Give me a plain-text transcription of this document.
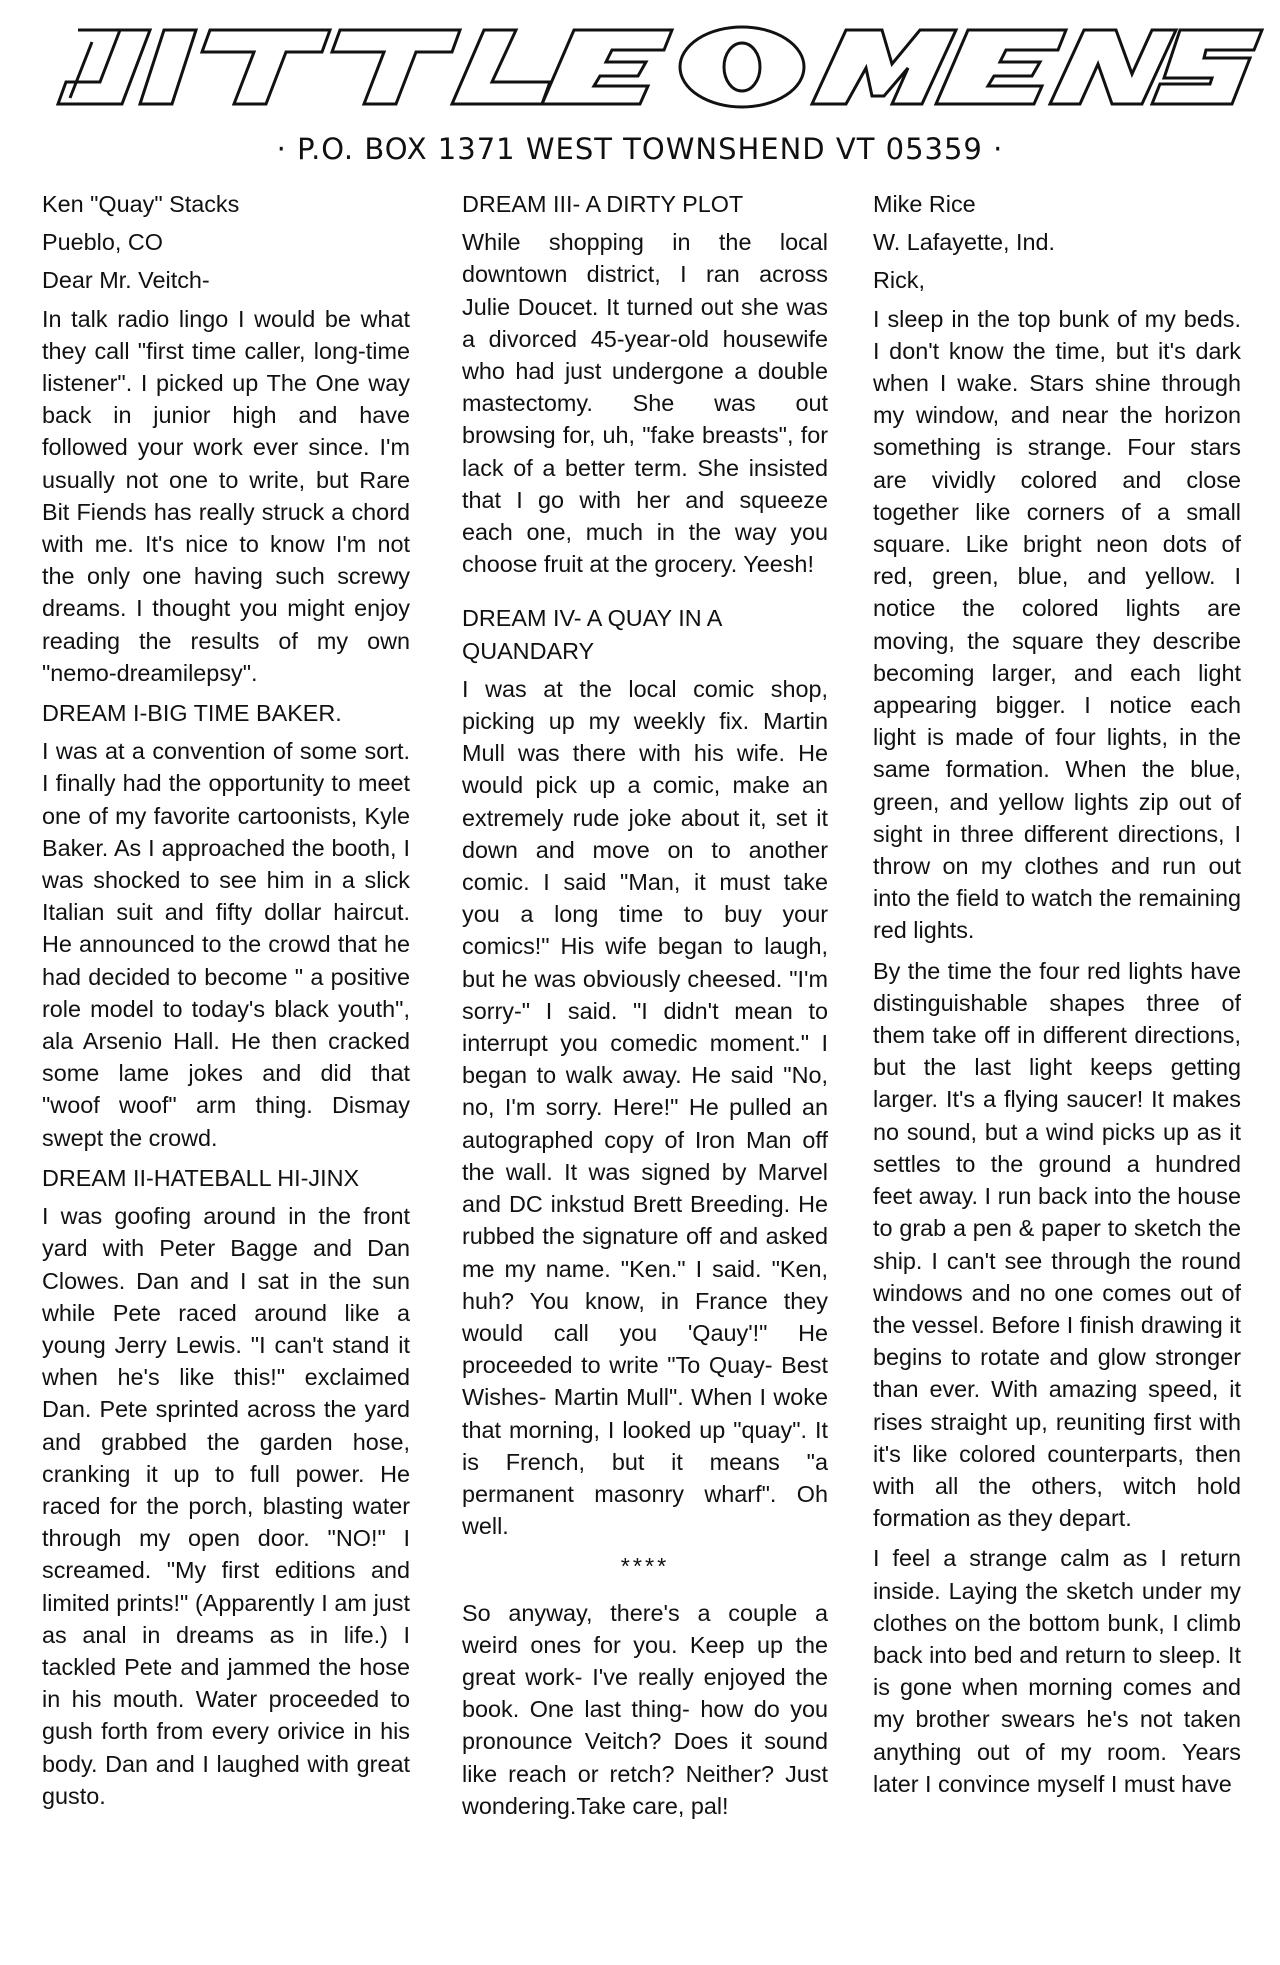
· P.O. BOX 1371 WEST TOWNSHEND VT 05359 ·

Ken "Quay" Stacks

Pueblo, CO

Dear Mr. Veitch-

In talk radio lingo I would be what they call "first time caller, long-time listener". I picked up The One way back in junior high and have followed your work ever since. I'm usually not one to write, but Rare Bit Fiends has really struck a chord with me. It's nice to know I'm not the only one having such screwy dreams. I thought you might enjoy reading the results of my own "nemo-dreamilepsy".

DREAM I-BIG TIME BAKER.

I was at a convention of some sort. I finally had the opportunity to meet one of my favorite cartoonists, Kyle Baker. As I approached the booth, I was shocked to see him in a slick Italian suit and fifty dollar haircut. He announced to the crowd that he had decided to become " a positive role model to today's black youth", ala Arsenio Hall. He then cracked some lame jokes and did that "woof woof" arm thing. Dismay swept the crowd.

DREAM II-HATEBALL HI-JINX

I was goofing around in the front yard with Peter Bagge and Dan Clowes. Dan and I sat in the sun while Pete raced around like a young Jerry Lewis. "I can't stand it when he's like this!" exclaimed Dan. Pete sprinted across the yard and grabbed the garden hose, cranking it up to full power. He raced for the porch, blasting water through my open door. "NO!" I screamed. "My first editions and limited prints!" (Apparently I am just as anal in dreams as in life.) I tackled Pete and jammed the hose in his mouth. Water proceeded to gush forth from every orivice in his body. Dan and I laughed with great gusto.

DREAM III- A DIRTY PLOT

While shopping in the local downtown district, I ran across Julie Doucet. It turned out she was a divorced 45-year-old housewife who had just undergone a double mastectomy. She was out browsing for, uh, "fake breasts", for lack of a better term. She insisted that I go with her and squeeze each one, much in the way you choose fruit at the grocery. Yeesh!

DREAM IV- A QUAY IN A QUANDARY

I was at the local comic shop, picking up my weekly fix. Martin Mull was there with his wife. He would pick up a comic, make an extremely rude joke about it, set it down and move on to another comic. I said "Man, it must take you a long time to buy your comics!" His wife began to laugh, but he was obviously cheesed. "I'm sorry-" I said. "I didn't mean to interrupt you comedic moment." I began to walk away. He said "No, no, I'm sorry. Here!" He pulled an autographed copy of Iron Man off the wall. It was signed by Marvel and DC inkstud Brett Breeding. He rubbed the signature off and asked me my name. "Ken." I said. "Ken, huh? You know, in France they would call you 'Qauy'!" He proceeded to write "To Quay- Best Wishes- Martin Mull". When I woke that morning, I looked up "quay". It is French, but it means "a permanent masonry wharf". Oh well.

****

So anyway, there's a couple a weird ones for you. Keep up the great work- I've really enjoyed the book. One last thing- how do you pronounce Veitch? Does it sound like reach or retch? Neither? Just wondering.Take care, pal!

Mike Rice

W. Lafayette, Ind.

Rick,

I sleep in the top bunk of my beds. I don't know the time, but it's dark when I wake. Stars shine through my window, and near the horizon something is strange. Four stars are vividly colored and close together like corners of a small square. Like bright neon dots of red, green, blue, and yellow. I notice the colored lights are moving, the square they describe becoming larger, and each light appearing bigger. I notice each light is made of four lights, in the same formation. When the blue, green, and yellow lights zip out of sight in three different directions, I throw on my clothes and run out into the field to watch the remaining red lights.

By the time the four red lights have distinguishable shapes three of them take off in different directions, but the last light keeps getting larger. It's a flying saucer! It makes no sound, but a wind picks up as it settles to the ground a hundred feet away. I run back into the house to grab a pen & paper to sketch the ship. I can't see through the round windows and no one comes out of the vessel. Before I finish drawing it begins to rotate and glow stronger than ever. With amazing speed, it rises straight up, reuniting first with it's like colored counterparts, then with all the others, witch hold formation as they depart.

I feel a strange calm as I return inside. Laying the sketch under my clothes on the bottom bunk, I climb back into bed and return to sleep. It is gone when morning comes and my brother swears he's not taken anything out of my room. Years later I convince myself I must have
